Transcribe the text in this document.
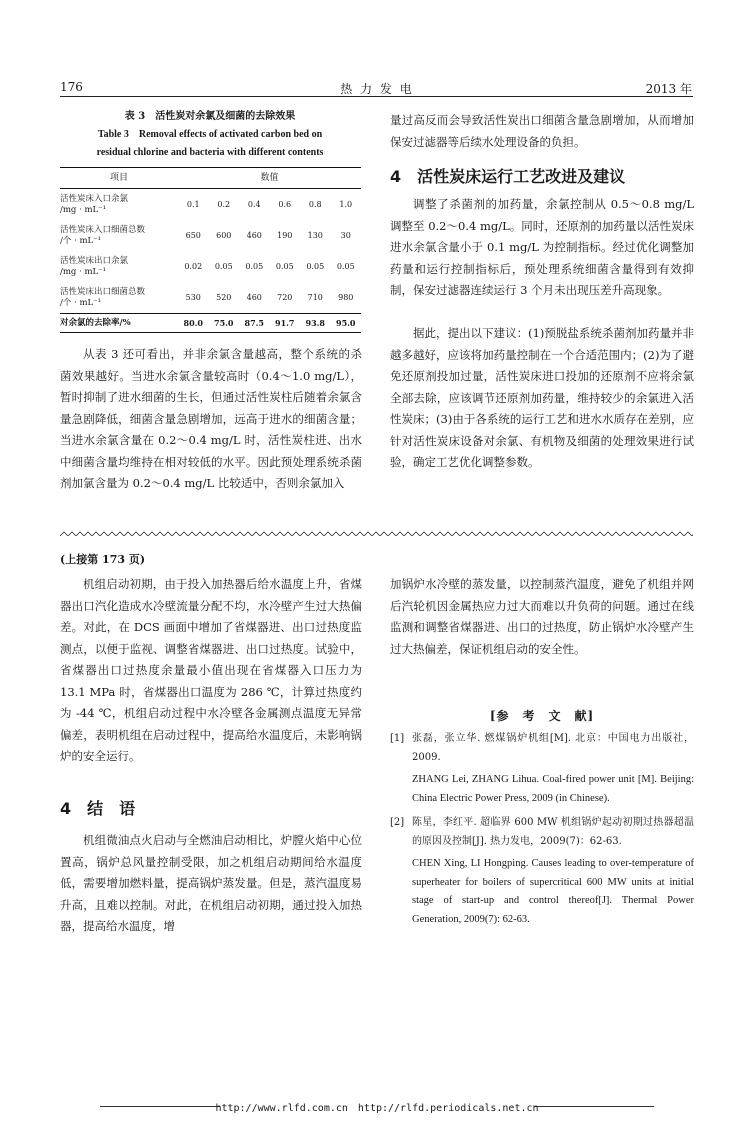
176	热 力 发 电	2013 年
表 3　活性炭对余氯及细菌的去除效果
Table 3　Removal effects of activated carbon bed on
residual chlorine and bacteria with different contents
项目	数值					

活性炭床入口余氯
/mg · mL⁻¹	0.1	0.2	0.4	0.6	0.8	1.0

活性炭床入口细菌总数
/个 · mL⁻¹	650	600	460	190	130	30

活性炭床出口余氯
/mg · mL⁻¹	0.02	0.05	0.05	0.05	0.05	0.05

活性炭床出口细菌总数
/个 · mL⁻¹	530	520	460	720	710	980
对余氯的去除率/%	80.0	75.0	87.5	91.7	93.8	95.0
从表 3 还可看出，并非余氯含量越高，整个系统的杀菌效果越好。当进水余氯含量较高时（0.4～1.0 mg/L），暂时抑制了进水细菌的生长，但通过活性炭柱后随着余氯含量急剧降低，细菌含量急剧增加，远高于进水的细菌含量；当进水余氯含量在 0.2～0.4 mg/L 时，活性炭柱进、出水中细菌含量均维持在相对较低的水平。因此预处理系统杀菌剂加氯含量为 0.2～0.4 mg/L 比较适中，否则余氯加入
量过高反而会导致活性炭出口细菌含量急剧增加，从而增加保安过滤器等后续水处理设备的负担。
4　活性炭床运行工艺改进及建议
调整了杀菌剂的加药量，余氯控制从 0.5～0.8 mg/L 调整至 0.2～0.4 mg/L。同时，还原剂的加药量以活性炭床进水余氯含量小于 0.1 mg/L 为控制指标。经过优化调整加药量和运行控制指标后，预处理系统细菌含量得到有效抑制，保安过滤器连续运行 3 个月未出现压差升高现象。
据此，提出以下建议：(1)预脱盐系统杀菌剂加药量并非越多越好，应该将加药量控制在一个合适范围内；(2)为了避免还原剂投加过量，活性炭床进口投加的还原剂不应将余氯全部去除，应该调节还原剂加药量，维持较少的余氯进入活性炭床；(3)由于各系统的运行工艺和进水水质存在差别，应针对活性炭床设备对余氯、有机物及细菌的处理效果进行试验，确定工艺优化调整参数。
(上接第 173 页)
机组启动初期，由于投入加热器后给水温度上升，省煤器出口汽化造成水冷壁流量分配不均，水冷壁产生过大热偏差。对此，在 DCS 画面中增加了省煤器进、出口过热度监测点，以便于监视、调整省煤器进、出口过热度。试验中，省煤器出口过热度余量最小值出现在省煤器入口压力为 13.1 MPa 时，省煤器出口温度为 286 ℃，计算过热度约为 -44 ℃，机组启动过程中水冷壁各金属测点温度无异常偏差，表明机组在启动过程中，提高给水温度后，未影响锅炉的安全运行。
4　结　语
机组微油点火启动与全燃油启动相比，炉膛火焰中心位置高，锅炉总风量控制受限，加之机组启动期间给水温度低，需要增加燃料量，提高锅炉蒸发量。但是，蒸汽温度易升高，且难以控制。对此，在机组启动初期，通过投入加热器，提高给水温度，增
加锅炉水冷壁的蒸发量，以控制蒸汽温度，避免了机组并网后汽轮机因金属热应力过大而难以升负荷的问题。通过在线监测和调整省煤器进、出口的过热度，防止锅炉水冷壁产生过大热偏差，保证机组启动的安全性。
[参　考　文　献]
[1] 张磊，张立华. 燃煤锅炉机组[M]. 北京：中国电力出版社，2009.
ZHANG Lei, ZHANG Lihua. Coal-fired power unit [M]. Beijing: China Electric Power Press, 2009 (in Chinese).
[2] 陈星，李红平. 超临界 600 MW 机组锅炉起动初期过热器超温的原因及控制[J]. 热力发电，2009(7)：62-63.
CHEN Xing, LI Hongping. Causes leading to over-temperature of superheater for boilers of supercritical 600 MW units at initial stage of start-up and control thereof[J]. Thermal Power Generation, 2009(7): 62-63.
http://www.rlfd.com.cn　http://rlfd.periodicals.net.cn
